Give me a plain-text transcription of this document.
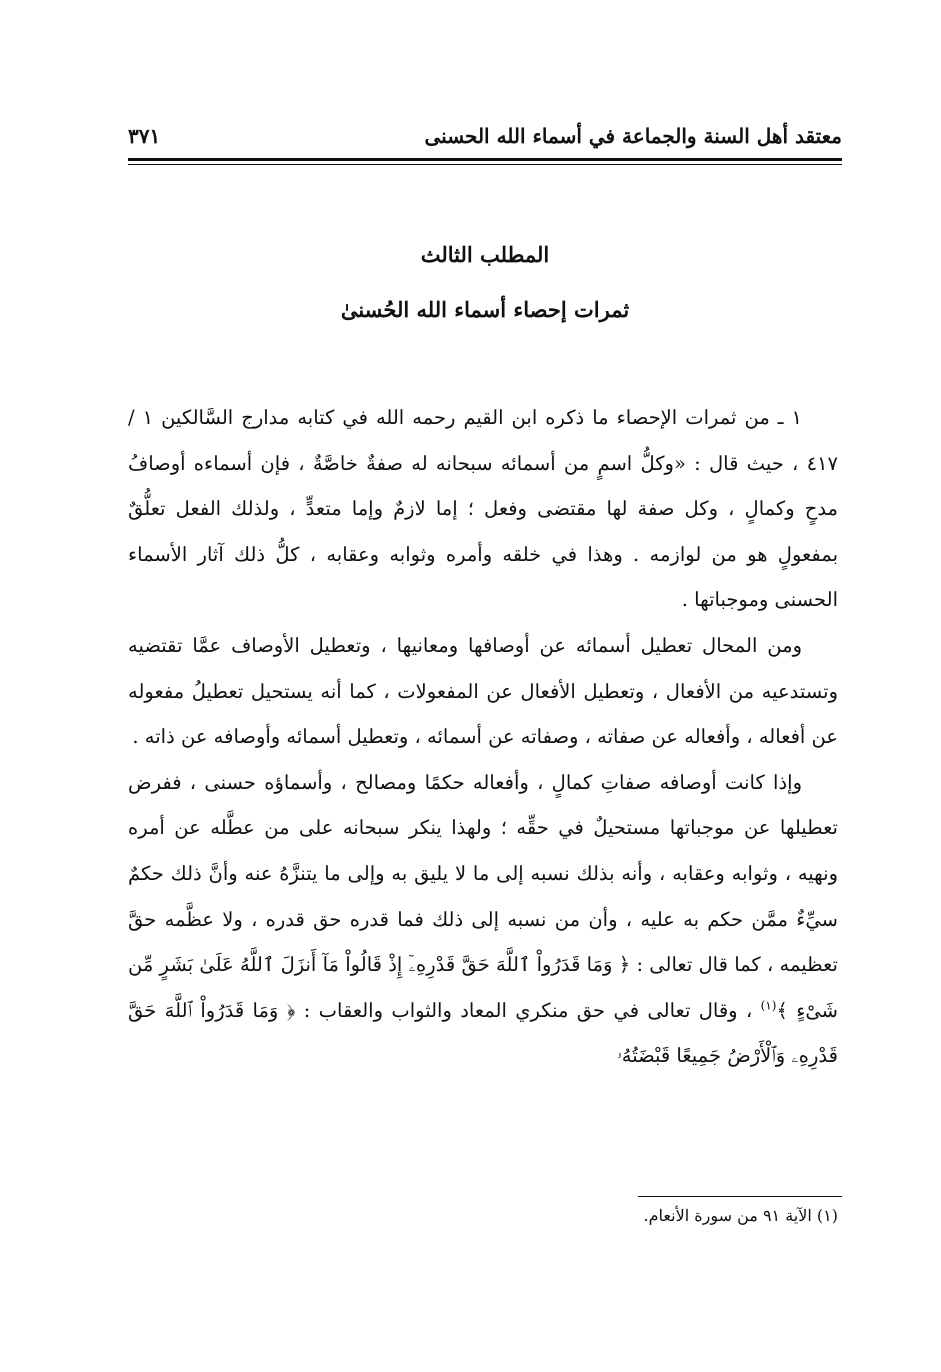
معتقد أهل السنة والجماعة في أسماء الله الحسنى
٣٧١
المطلب الثالث
ثمرات إحصاء أسماء الله الحُسنىٰ

١ ـ من ثمرات الإحصاء ما ذكره ابن القيم رحمه الله في كتابه مدارج السَّالكين ١ / ٤١٧ ، حيث قال : «وكلُّ اسمٍ من أسمائه سبحانه له صفةٌ خاصَّةٌ ، فإن أسماءه أوصافُ مدحٍ وكمالٍ ، وكل صفة لها مقتضى وفعل ؛ إما لازمٌ وإما متعدٍّ ، ولذلك الفعل تعلُّقٌ بمفعولٍ هو من لوازمه . وهذا في خلقه وأمره وثوابه وعقابه ، كلُّ ذلك آثار الأسماء الحسنى وموجباتها .

ومن المحال تعطيل أسمائه عن أوصافها ومعانيها ، وتعطيل الأوصاف عمَّا تقتضيه وتستدعيه من الأفعال ، وتعطيل الأفعال عن المفعولات ، كما أنه يستحيل تعطيلُ مفعوله عن أفعاله ، وأفعاله عن صفاته ، وصفاته عن أسمائه ، وتعطيل أسمائه وأوصافه عن ذاته .

وإذا كانت أوصافه صفاتِ كمالٍ ، وأفعاله حكمًا ومصالح ، وأسماؤه حسنى ، ففرض تعطيلها عن موجباتها مستحيلٌ في حقِّه ؛ ولهذا ينكر سبحانه على من عطَّله عن أمره ونهيه ، وثوابه وعقابه ، وأنه بذلك نسبه إلى ما لا يليق به وإلى ما يتنزَّهُ عنه وأنَّ ذلك حكمٌ سيِّءٌ ممَّن حكم به عليه ، وأن من نسبه إلى ذلك فما قدره حق قدره ، ولا عظَّمه حقَّ تعظيمه ، كما قال تعالى : ﴿ وَمَا قَدَرُواْ ٱللَّهَ حَقَّ قَدْرِهِۦٓ إِذْ قَالُواْ مَآ أَنزَلَ ٱللَّهُ عَلَىٰ بَشَرٍ مِّن شَىْءٍ ﴾$^{(١)}$ ، وقال تعالى في حق منكري المعاد والثواب والعقاب : ﴿ وَمَا قَدَرُواْ ٱللَّهَ حَقَّ قَدْرِهِۦ وَٱلْأَرْضُ جَمِيعًا قَبْضَتُهُۥ

(١) الآية ٩١ من سورة الأنعام.
